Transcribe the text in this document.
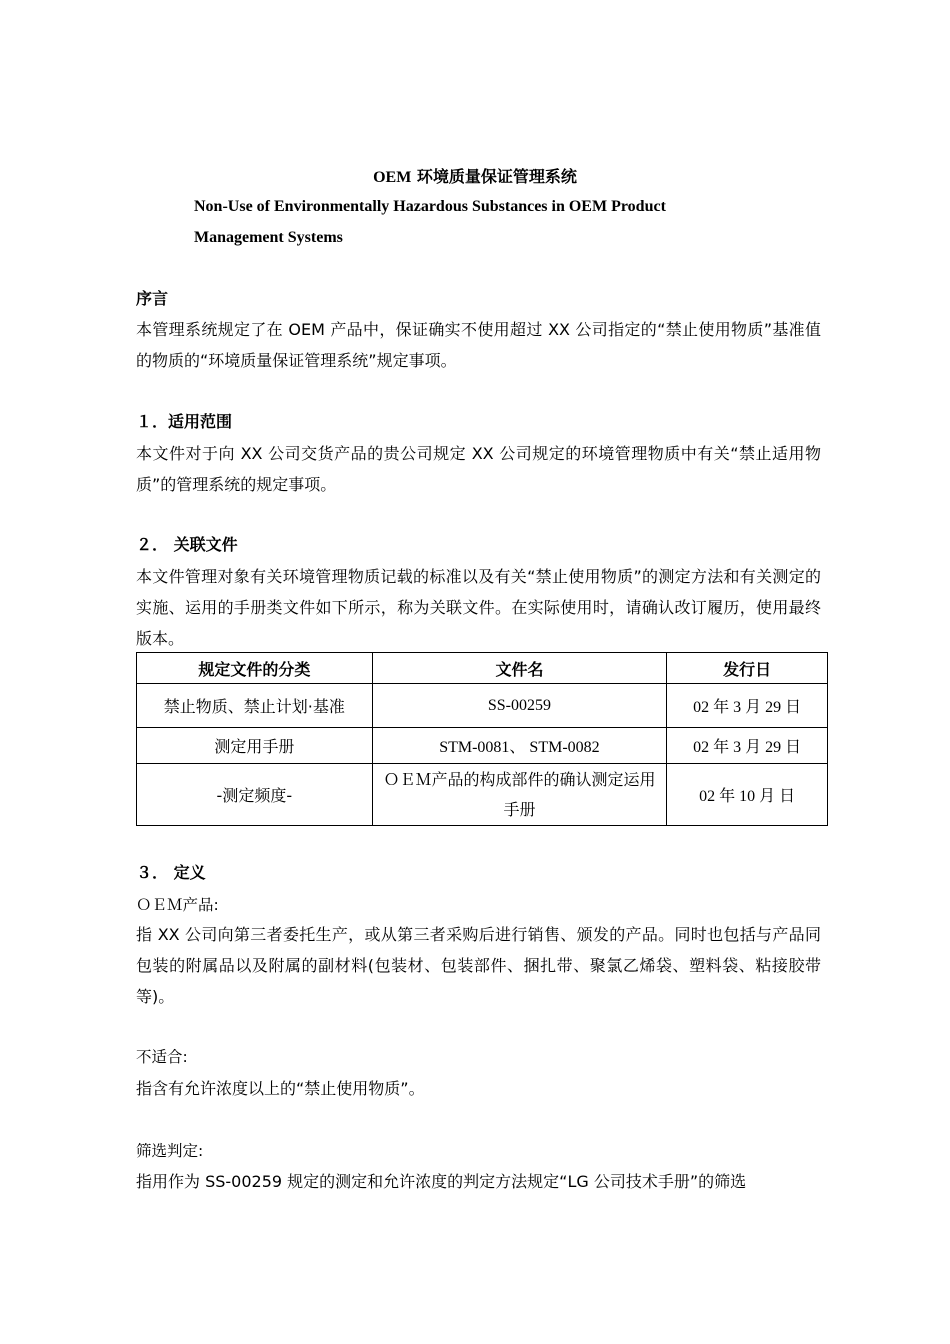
OEM 环境质量保证管理系统
Non-Use of Environmentally Hazardous Substances in OEM Product
Management Systems
序言
本管理系统规定了在 OEM 产品中，保证确实不使用超过 XX 公司指定的“禁止使用物质”基准值的物质的“环境质量保证管理系统”规定事项。
１．适用范围
本文件对于向 XX 公司交货产品的贵公司规定 XX 公司规定的环境管理物质中有关“禁止适用物质”的管理系统的规定事项。
２． 关联文件
本文件管理对象有关环境管理物质记载的标准以及有关“禁止使用物质”的测定方法和有关测定的实施、运用的手册类文件如下所示，称为关联文件。在实际使用时，请确认改订履历，使用最终版本。
规定文件的分类	文件名	发行日
禁止物质、禁止计划·基准	SS-00259	02 年 3 月 29 日
测定用手册	STM-0081、 STM-0082	02 年 3 月 29 日
-测定频度-	ＯＥＭ产品的构成部件的确认测定运用手册	02 年 10 月 日
３． 定义
ＯＥＭ产品:
指 XX 公司向第三者委托生产，或从第三者采购后进行销售、颁发的产品。同时也包括与产品同包装的附属品以及附属的副材料(包装材、包装部件、捆扎带、聚氯乙烯袋、塑料袋、粘接胶带等)。
不适合:
指含有允许浓度以上的“禁止使用物质”。
筛选判定:
指用作为 SS-00259 规定的测定和允许浓度的判定方法规定“LG 公司技术手册”的筛选
